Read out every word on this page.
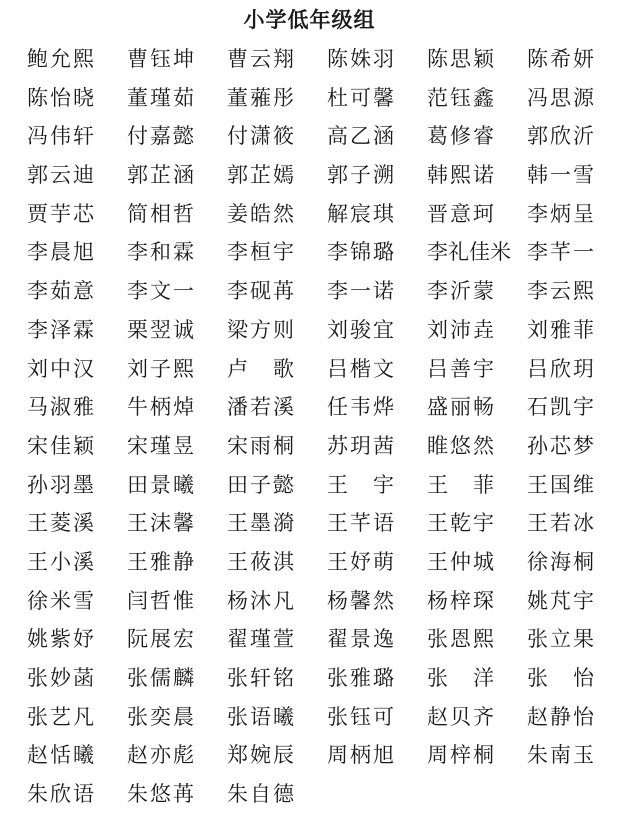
小学低年级组
鲍允熙	曹钰坤	曹云翔	陈姝羽	陈思颖	陈希妍
陈怡晓	董瑾茹	董蕥彤	杜可馨	范钰鑫	冯思源
冯伟轩	付嘉懿	付潇筱	高乙涵	葛修睿	郭欣沂
郭云迪	郭芷涵	郭芷嫣	郭子溯	韩熙诺	韩一雪
贾芋芯	简相哲	姜皓然	解宸琪	晋意珂	李炳呈
李晨旭	李和霖	李桓宇	李锦璐	李礼佳米 李芊一
李茹意	李文一	李砚苒	李一诺	李沂蒙	李云熙
李泽霖	栗翌诚	梁方则	刘骏宜	刘沛垚	刘雅菲
刘中汉	刘子熙	卢　歌	吕楷文	吕善宇	吕欣玥
马淑雅	牛柄焯	潘若溪	任韦烨	盛丽畅	石凯宇
宋佳颖	宋瑾昱	宋雨桐	苏玥茜	睢悠然	孙芯梦
孙羽墨	田景曦	田子懿	王　宇	王　菲	王国维
王菱溪	王沫馨	王墨漪	王芊语	王乾宇	王若冰
王小溪	王雅静	王莜淇	王妤萌	王仲城	徐海桐
徐米雪	闫哲惟	杨沐凡	杨馨然	杨梓琛	姚芃宇
姚紫妤	阮展宏	翟瑾萱	翟景逸	张恩熙	张立果
张妙菡	张儒麟	张轩铭	张雅璐	张　洋	张　怡
张艺凡	张奕晨	张语曦	张钰可	赵贝齐	赵静怡
赵恬曦	赵亦彪	郑婉辰	周柄旭	周梓桐	朱南玉
朱欣语	朱悠苒	朱自德
